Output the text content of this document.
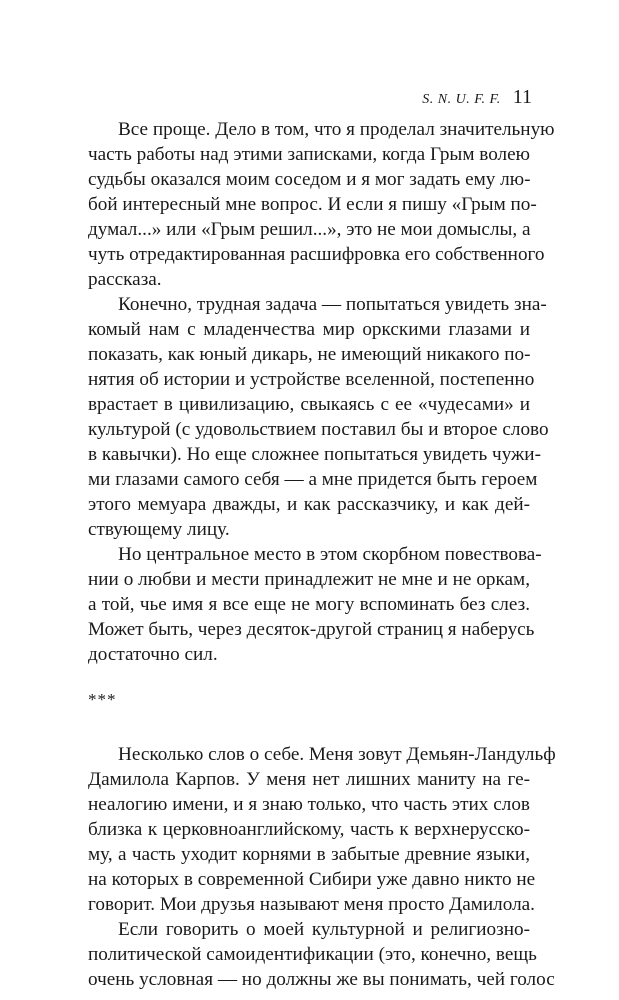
S. N. U. F. F. 11
Все проще. Дело в том, что я проделал значительную
часть работы над этими записками, когда Грым волею
судьбы оказался моим соседом и я мог задать ему лю-
бой интересный мне вопрос. И если я пишу «Грым по-
думал...» или «Грым решил...», это не мои домыслы, а
чуть отредактированная расшифровка его собственного
рассказа.
Конечно, трудная задача — попытаться увидеть зна-
комый нам с младенчества мир оркскими глазами и
показать, как юный дикарь, не имеющий никакого по-
нятия об истории и устройстве вселенной, постепенно
врастает в цивилизацию, свыкаясь с ее «чудесами» и
культурой (с удовольствием поставил бы и второе слово
в кавычки). Но еще сложнее попытаться увидеть чужи-
ми глазами самого себя — а мне придется быть героем
этого мемуара дважды, и как рассказчику, и как дей-
ствующему лицу.
Но центральное место в этом скорбном повествова-
нии о любви и мести принадлежит не мне и не оркам,
а той, чье имя я все еще не могу вспоминать без слез.
Может быть, через десяток-другой страниц я наберусь
достаточно сил.
***
Несколько слов о себе. Меня зовут Демьян-Ландульф
Дамилола Карпов. У меня нет лишних маниту на ге-
неалогию имени, и я знаю только, что часть этих слов
близка к церковноанглийскому, часть к верхнерусско-
му, а часть уходит корнями в забытые древние языки,
на которых в современной Сибири уже давно никто не
говорит. Мои друзья называют меня просто Дамилола.
Если говорить о моей культурной и религиозно-
политической самоидентификации (это, конечно, вещь
очень условная — но должны же вы понимать, чей голос
